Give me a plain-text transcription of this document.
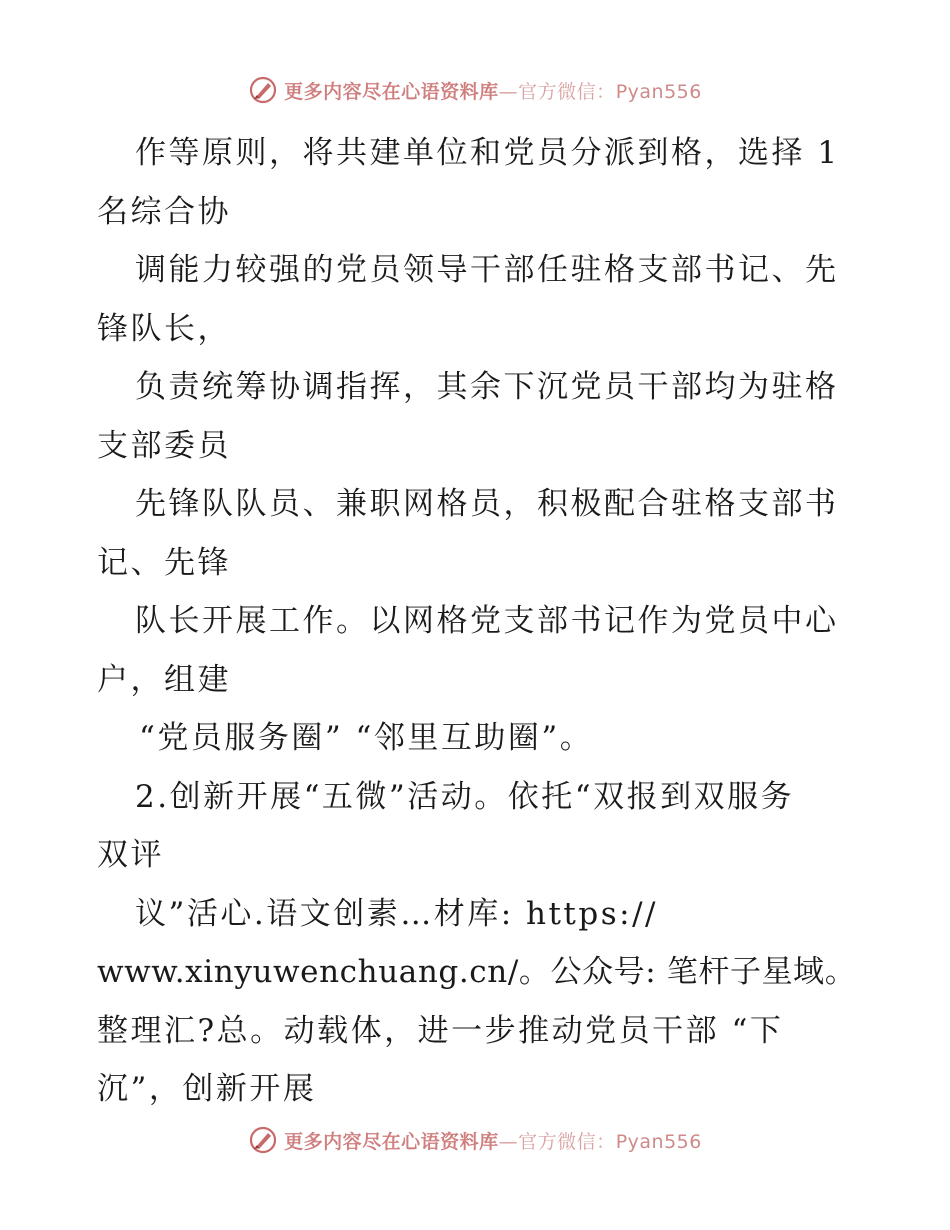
更多内容尽在心语资料库—官方微信：Pyan556
作等原则，将共建单位和党员分派到格，选择 1
名综合协
调能力较强的党员领导干部任驻格支部书记、先
锋队长，
负责统筹协调指挥，其余下沉党员干部均为驻格
支部委员
先锋队队员、兼职网格员，积极配合驻格支部书
记、先锋
队长开展工作。以网格党支部书记作为党员中心
户，组建
“党员服务圈” “邻里互助圈”。
2.创新开展“五微”活动。依托“双报到双服务
双评
议”活心.语文创素…材库: https://
www.xinyuwenchuang.cn/。公众号: 笔杆子星域。
整理汇?总。动载体，进一步推动党员干部 “下
沉”，创新开展
更多内容尽在心语资料库—官方微信：Pyan556
